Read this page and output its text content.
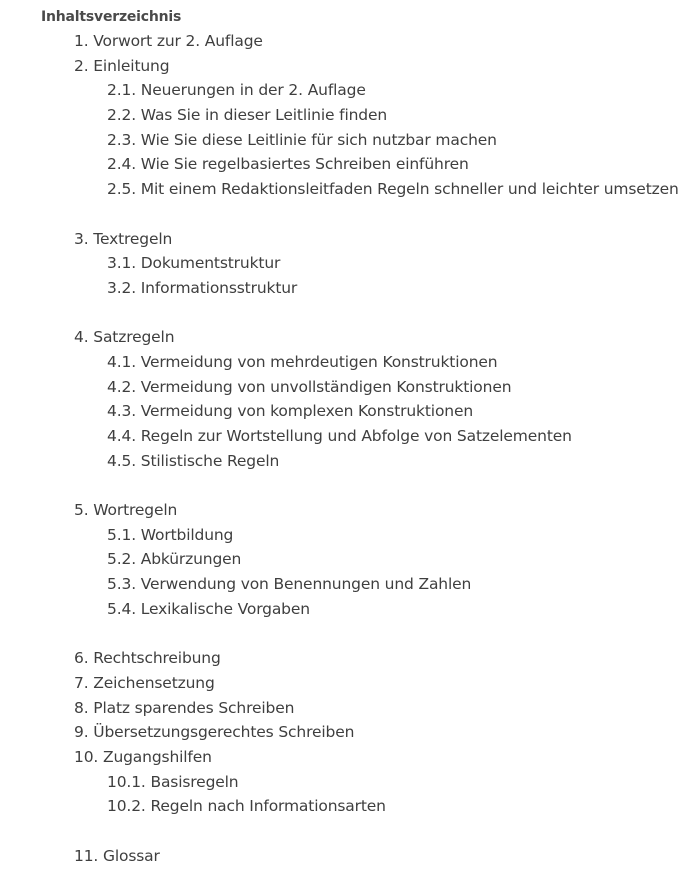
Inhaltsverzeichnis
1. Vorwort zur 2. Auflage
2. Einleitung
2.1. Neuerungen in der 2. Auflage
2.2. Was Sie in dieser Leitlinie finden
2.3. Wie Sie diese Leitlinie für sich nutzbar machen
2.4. Wie Sie regelbasiertes Schreiben einführen
2.5. Mit einem Redaktionsleitfaden Regeln schneller und leichter umsetzen
3. Textregeln
3.1. Dokumentstruktur
3.2. Informationsstruktur
4. Satzregeln
4.1. Vermeidung von mehrdeutigen Konstruktionen
4.2. Vermeidung von unvollständigen Konstruktionen
4.3. Vermeidung von komplexen Konstruktionen
4.4. Regeln zur Wortstellung und Abfolge von Satzelementen
4.5. Stilistische Regeln
5. Wortregeln
5.1. Wortbildung
5.2. Abkürzungen
5.3. Verwendung von Benennungen und Zahlen
5.4. Lexikalische Vorgaben
6. Rechtschreibung
7. Zeichensetzung
8. Platz sparendes Schreiben
9. Übersetzungsgerechtes Schreiben
10. Zugangshilfen
10.1. Basisregeln
10.2. Regeln nach Informationsarten
11. Glossar
